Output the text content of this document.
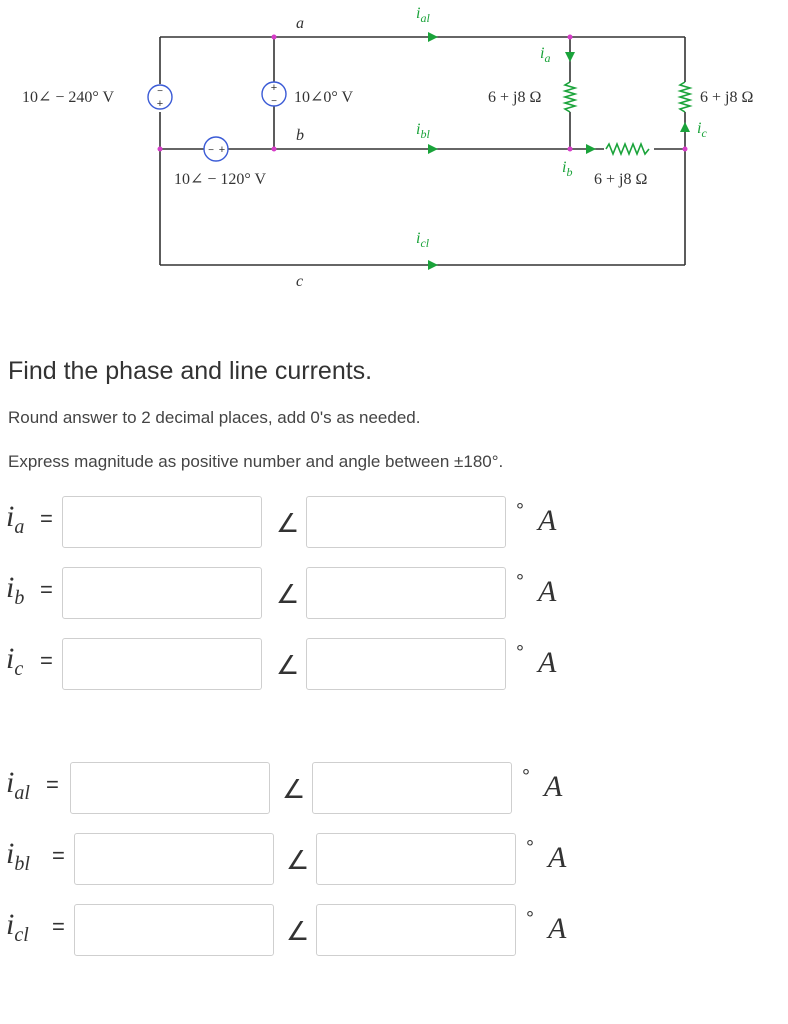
−
+
+
−
− +
a
b
c
10∠ − 240° V	10∠0° V
10∠ − 120° V
6 + j8 Ω	6 + j8 Ω
6 + j8 Ω
$i_{al}$
$i_{bl}$
$i_{cl}$
$i_a$
$i_b$
$i_c$
Find the phase and line currents.

Round answer to 2 decimal places, add 0's as needed.

Express magnitude as positive number and angle between ±180°.

$i_a$ =	∠	° A
$i_b$ =	∠	° A
$i_c$ =	∠	° A
$i_{al}$ =	∠	° A
$i_{bl}$ =	∠	° A
$i_{cl}$ =	∠	° A
